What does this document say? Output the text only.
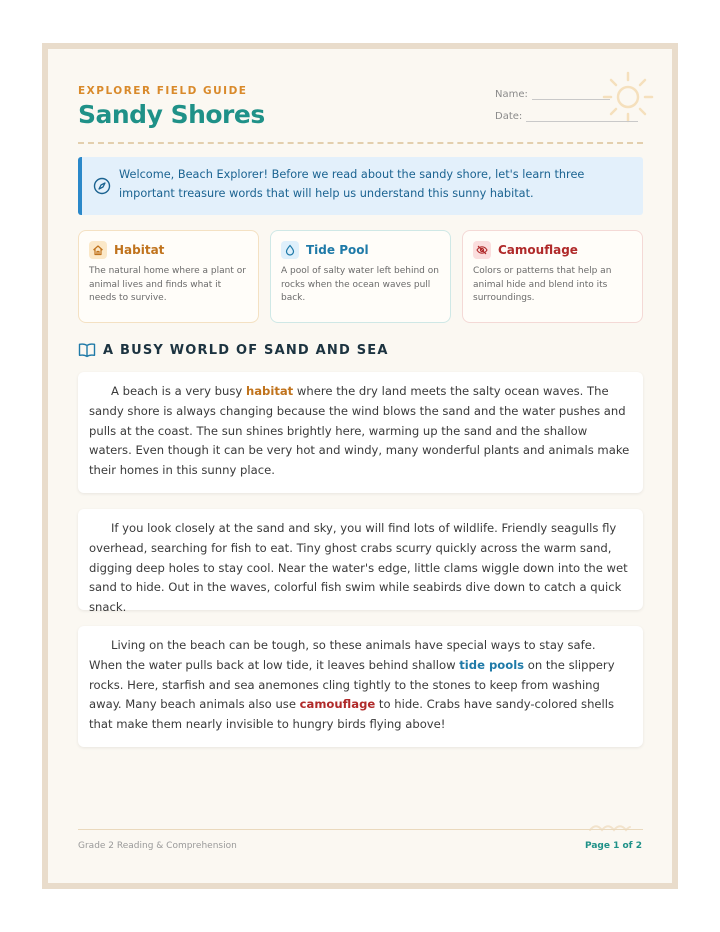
EXPLORER FIELD GUIDE
Sandy Shores
Name:
Date:
Welcome, Beach Explorer! Before we read about the sandy shore, let's learn three important treasure words that will help us understand this sunny habitat.
Habitat
The natural home where a plant or animal lives and finds what it needs to survive.
Tide Pool
A pool of salty water left behind on rocks when the ocean waves pull back.
Camouflage
Colors or patterns that help an animal hide and blend into its surroundings.
A BUSY WORLD OF SAND AND SEA

A beach is a very busy habitat where the dry land meets the salty ocean waves. The sandy shore is always changing because the wind blows the sand and the water pushes and pulls at the coast. The sun shines brightly here, warming up the sand and the shallow waters. Even though it can be very hot and windy, many wonderful plants and animals make their homes in this sunny place.

If you look closely at the sand and sky, you will find lots of wildlife. Friendly seagulls fly overhead, searching for fish to eat. Tiny ghost crabs scurry quickly across the warm sand, digging deep holes to stay cool. Near the water's edge, little clams wiggle down into the wet sand to hide. Out in the waves, colorful fish swim while seabirds dive down to catch a quick snack.

Living on the beach can be tough, so these animals have special ways to stay safe. When the water pulls back at low tide, it leaves behind shallow tide pools on the slippery rocks. Here, starfish and sea anemones cling tightly to the stones to keep from washing away. Many beach animals also use camouflage to hide. Crabs have sandy-colored shells that make them nearly invisible to hungry birds flying above!

Grade 2 Reading & Comprehension	Page 1 of 2
